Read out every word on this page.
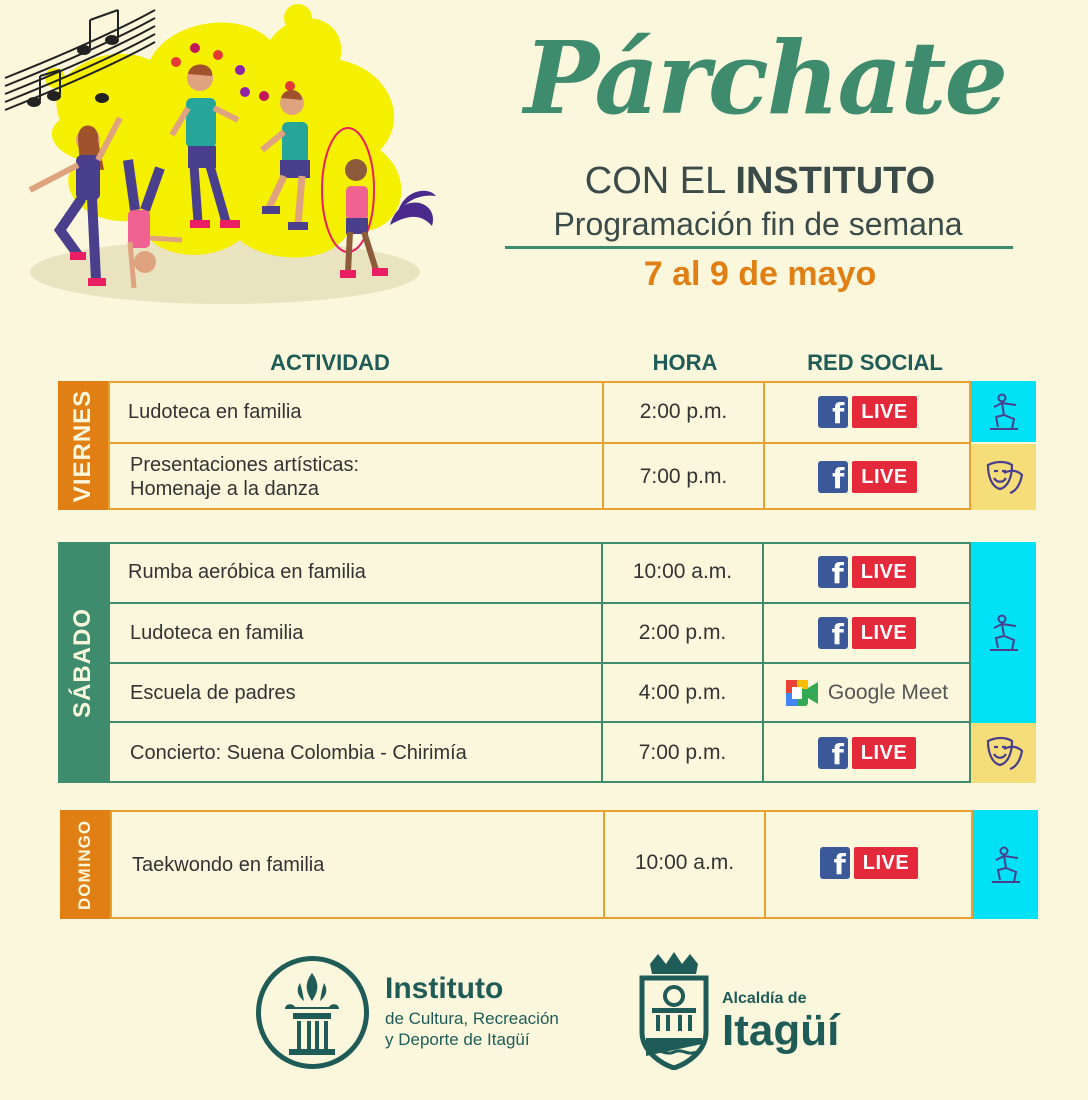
Párchate
CON EL INSTITUTO
Programación fin de semana
7 al 9 de mayo
ACTIVIDAD	HORA	RED SOCIAL
VIERNES Ludoteca en familia	2:00 p.m.	f LIVE
Presentaciones artísticas:
Homenaje a la danza
7:00 p.m.	f LIVE
SÁBADO
Rumba aeróbica en familia	10:00 a.m.	f LIVE
Ludoteca en familia	2:00 p.m.	f LIVE
Escuela de padres	4:00 p.m.	Google Meet
Concierto: Suena Colombia - Chirimía	7:00 p.m.	f LIVE
DOMINGO Taekwondo en familia	10:00 a.m.	f LIVE
Instituto
de Cultura, Recreación
y Deporte de Itagüí
Alcaldía de
Itagüí
